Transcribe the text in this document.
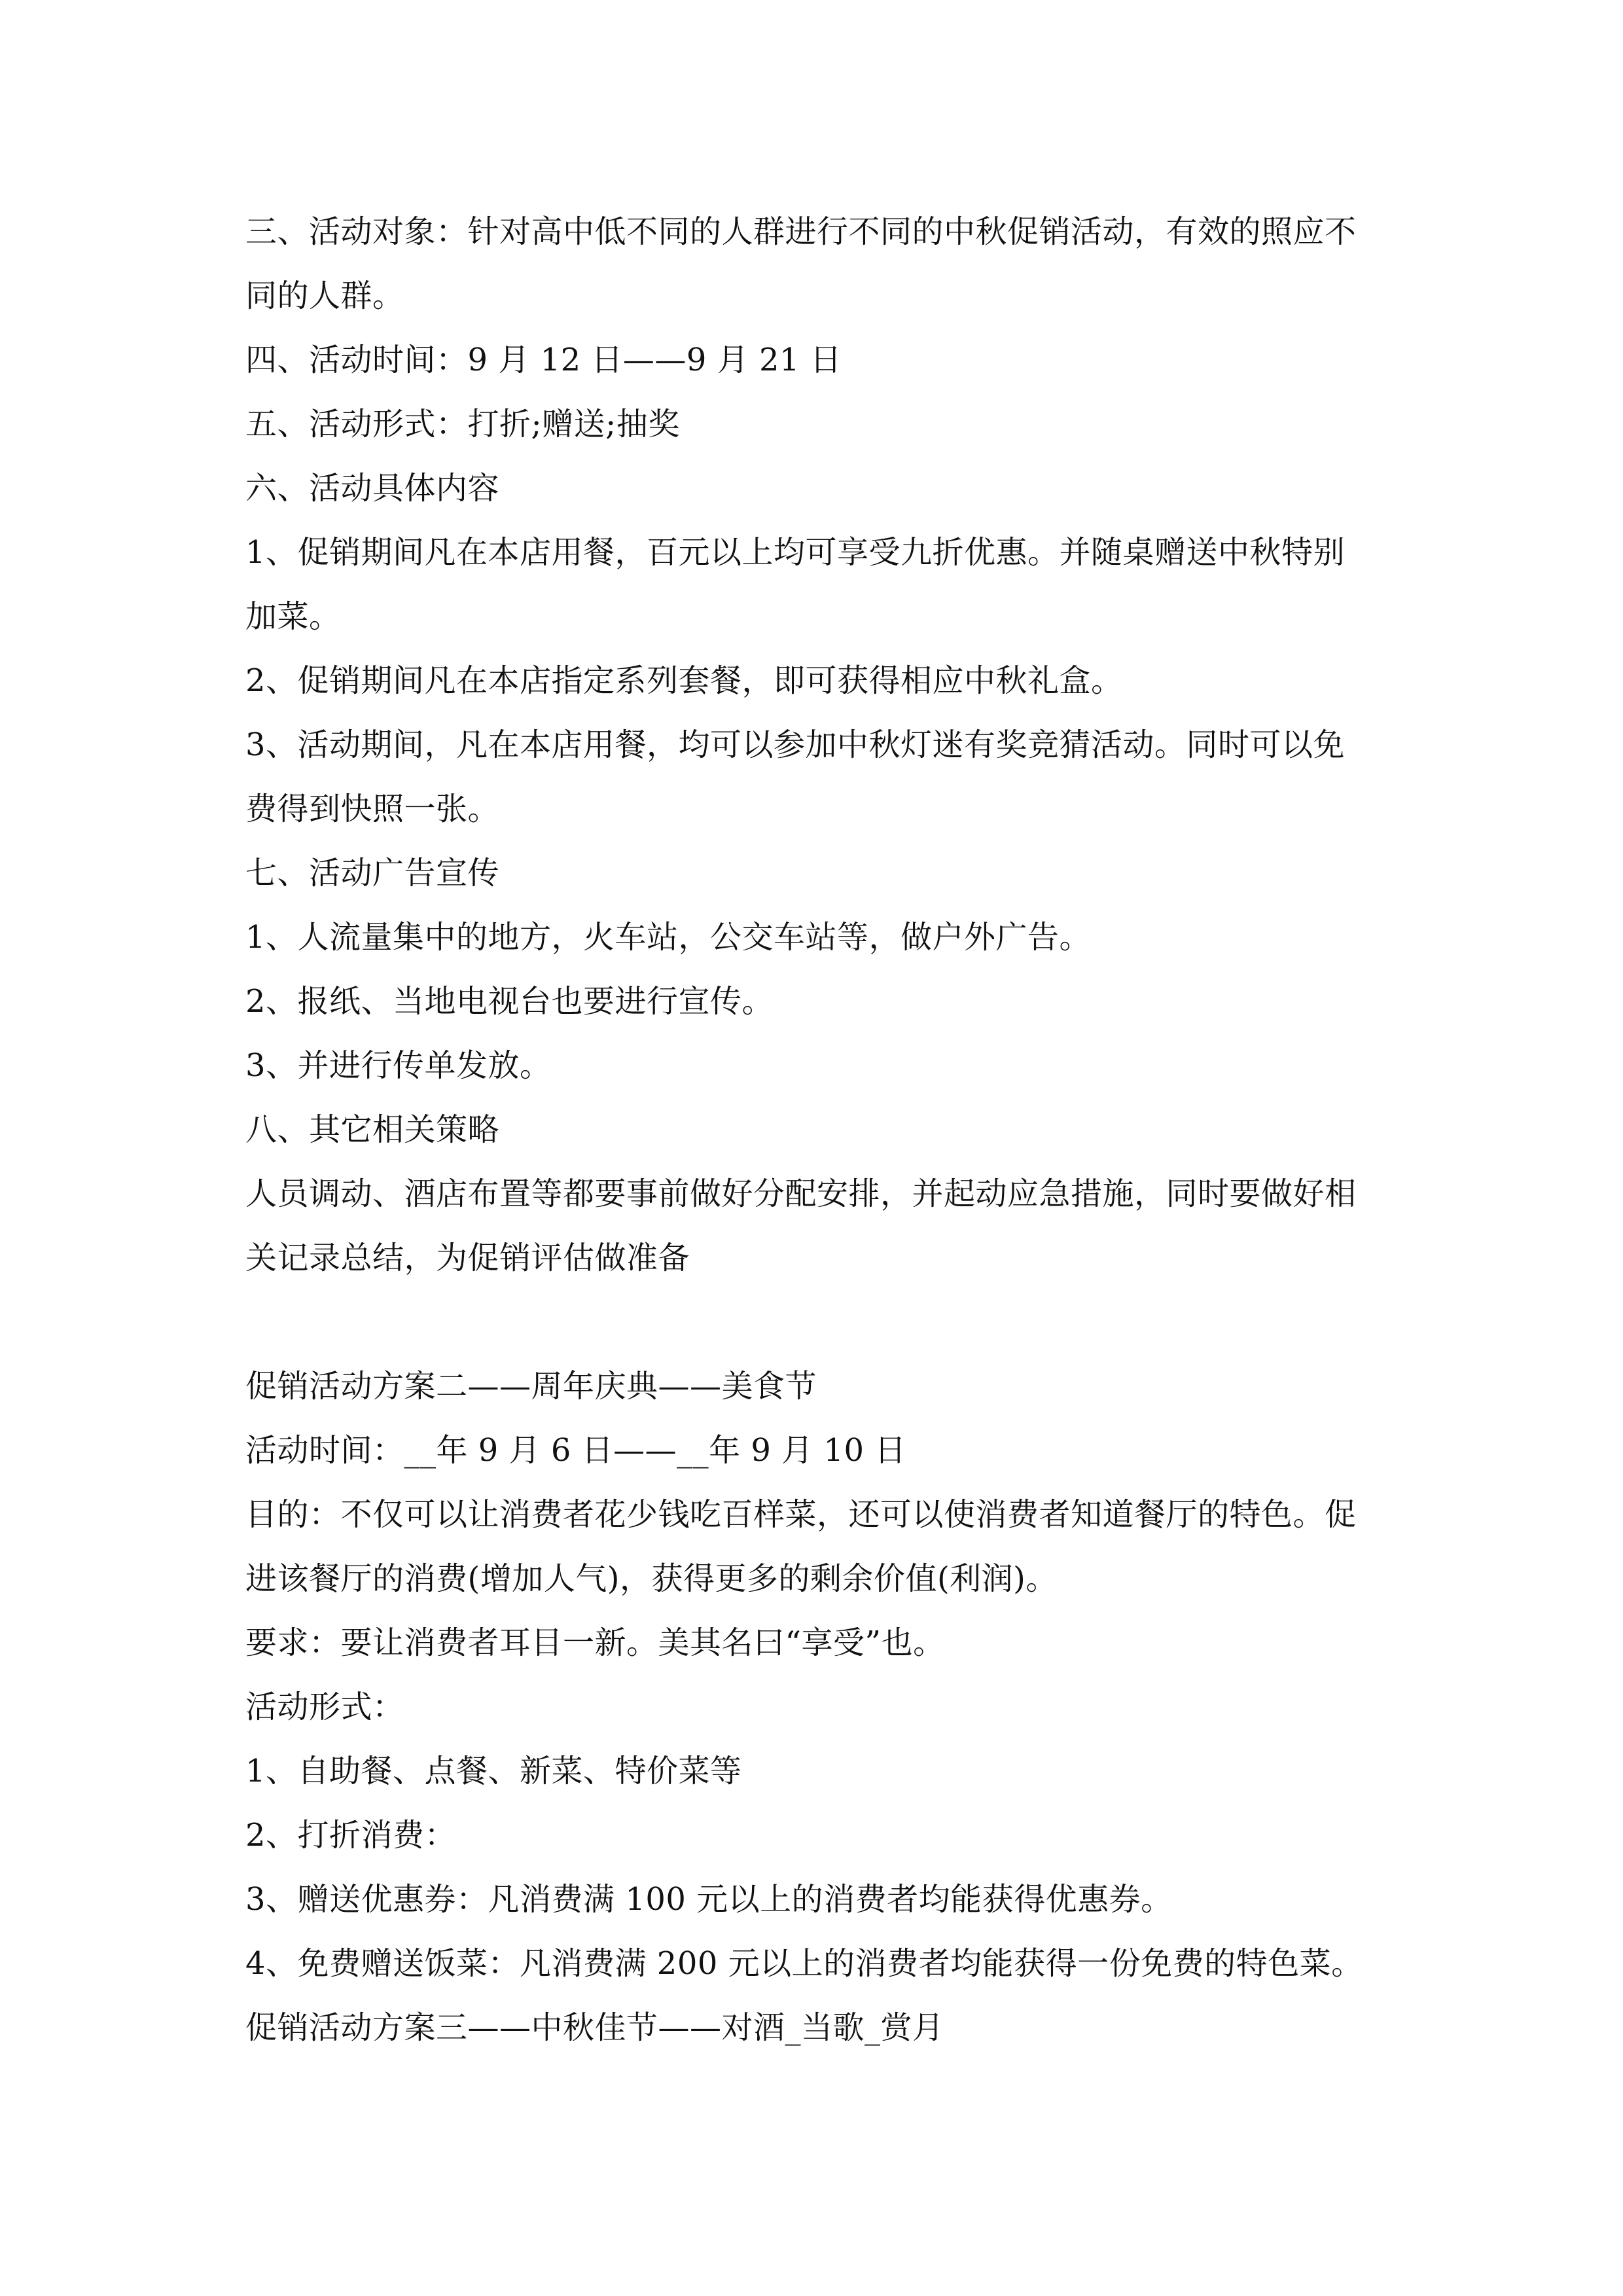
三、活动对象：针对高中低不同的人群进行不同的中秋促销活动，有效的照应不

同的人群。

四、活动时间：9 月 12 日——9 月 21 日

五、活动形式：打折;赠送;抽奖

六、活动具体内容

1、促销期间凡在本店用餐，百元以上均可享受九折优惠。并随桌赠送中秋特别

加菜。

2、促销期间凡在本店指定系列套餐，即可获得相应中秋礼盒。

3、活动期间，凡在本店用餐，均可以参加中秋灯迷有奖竞猜活动。同时可以免

费得到快照一张。

七、活动广告宣传

1、人流量集中的地方，火车站，公交车站等，做户外广告。

2、报纸、当地电视台也要进行宣传。

3、并进行传单发放。

八、其它相关策略

人员调动、酒店布置等都要事前做好分配安排，并起动应急措施，同时要做好相

关记录总结，为促销评估做准备

促销活动方案二——周年庆典——美食节

活动时间：__年 9 月 6 日——__年 9 月 10 日

目的：不仅可以让消费者花少钱吃百样菜，还可以使消费者知道餐厅的特色。促

进该餐厅的消费(增加人气)，获得更多的剩余价值(利润)。

要求：要让消费者耳目一新。美其名曰“享受”也。

活动形式：

1、自助餐、点餐、新菜、特价菜等

2、打折消费：

3、赠送优惠券：凡消费满 100 元以上的消费者均能获得优惠券。

4、免费赠送饭菜：凡消费满 200 元以上的消费者均能获得一份免费的特色菜。

促销活动方案三——中秋佳节——对酒_当歌_赏月
